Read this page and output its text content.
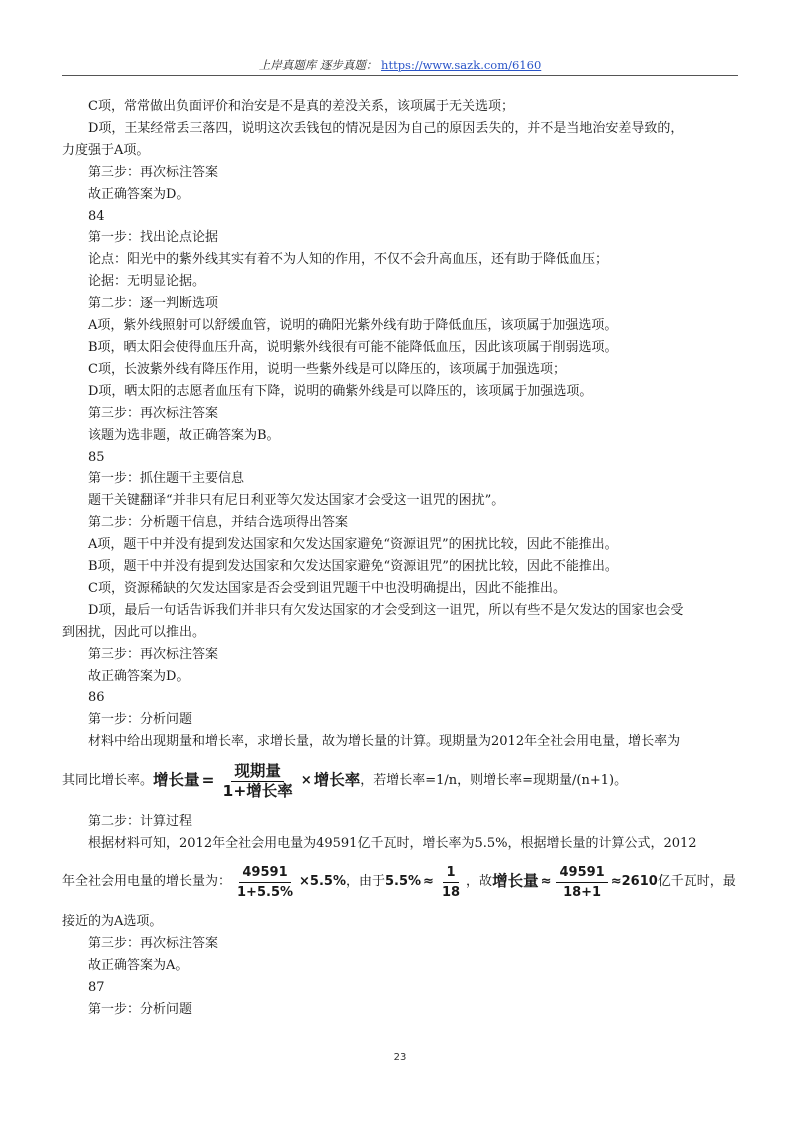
上岸真题库 逐步真题： https://www.sazk.com/6160

C项，常常做出负面评价和治安是不是真的差没关系，该项属于无关选项；

D项，王某经常丢三落四，说明这次丢钱包的情况是因为自己的原因丢失的，并不是当地治安差导致的，

力度强于A项。

第三步：再次标注答案

故正确答案为D。

84

第一步：找出论点论据

论点：阳光中的紫外线其实有着不为人知的作用，不仅不会升高血压，还有助于降低血压；

论据：无明显论据。

第二步：逐一判断选项

A项，紫外线照射可以舒缓血管，说明的确阳光紫外线有助于降低血压，该项属于加强选项。

B项，晒太阳会使得血压升高，说明紫外线很有可能不能降低血压，因此该项属于削弱选项。

C项，长波紫外线有降压作用，说明一些紫外线是可以降压的，该项属于加强选项；

D项，晒太阳的志愿者血压有下降，说明的确紫外线是可以降压的，该项属于加强选项。

第三步：再次标注答案

该题为选非题，故正确答案为B。

85

第一步：抓住题干主要信息

题干关键翻译“并非只有尼日利亚等欠发达国家才会受这一诅咒的困扰”。

第二步：分析题干信息，并结合选项得出答案

A项，题干中并没有提到发达国家和欠发达国家避免“资源诅咒”的困扰比较，因此不能推出。

B项，题干中并没有提到发达国家和欠发达国家避免“资源诅咒”的困扰比较，因此不能推出。

C项，资源稀缺的欠发达国家是否会受到诅咒题干中也没明确提出，因此不能推出。

D项，最后一句话告诉我们并非只有欠发达国家的才会受到这一诅咒，所以有些不是欠发达的国家也会受

到困扰，因此可以推出。

第三步：再次标注答案

故正确答案为D。

86

第一步：分析问题

材料中给出现期量和增长率，求增长量，故为增长量的计算。现期量为2012年全社会用电量，增长率为

其同比增长率。 增长量 = $\frac{\text{现期量}}{\text{1+增长率}}$ × 增长率 ，若增长率=1/n，则增长率=现期量/(n+1)。

第二步：计算过程

根据材料可知，2012年全社会用电量为49591亿千瓦时，增长率为5.5%，根据增长量的计算公式，2012

年全社会用电量的增长量为： $\frac{49591}{1+5.5\%} \times 5.5\%$ ，由于 $5.5\% \approx \frac{1}{18}$ ，故 增长量 ≈ $\frac{49591}{18+1} \approx 2610$ 亿千瓦时，最

接近的为A选项。

第三步：再次标注答案

故正确答案为A。

87

第一步：分析问题

23
